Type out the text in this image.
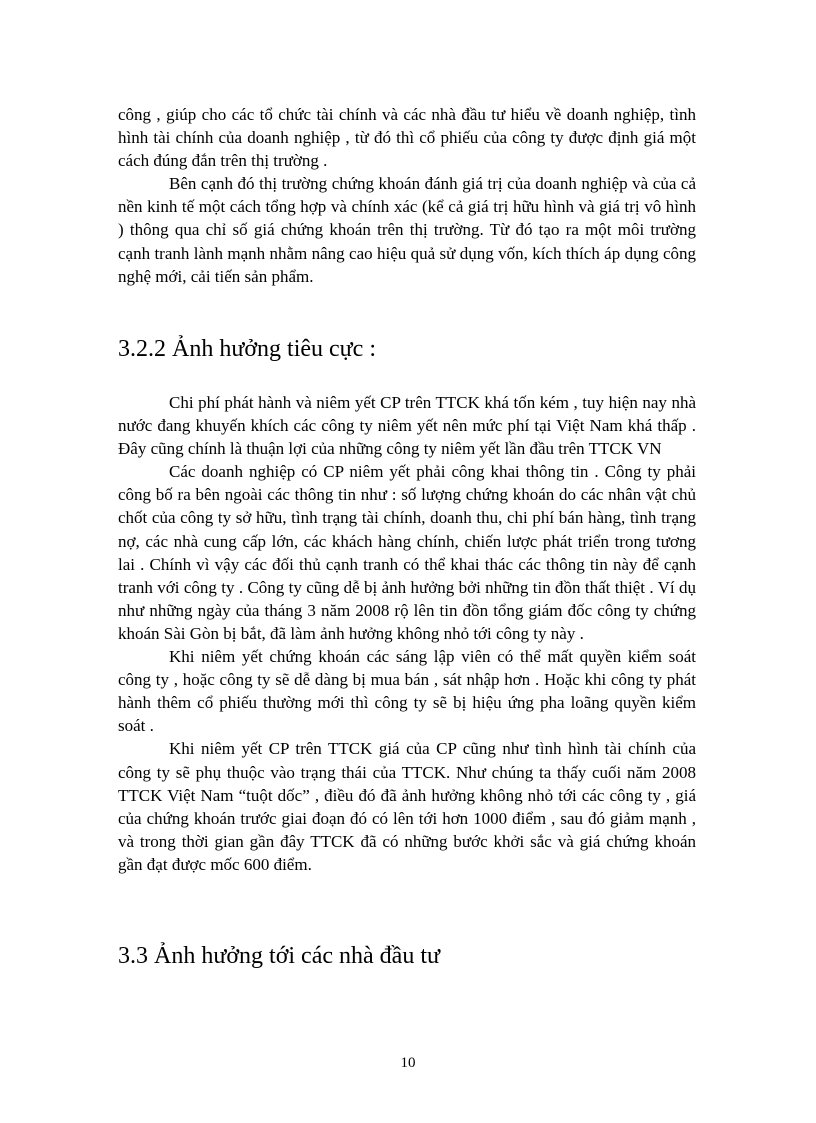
công , giúp cho các tổ chức tài chính và các nhà đầu tư hiểu về doanh nghiệp, tình hình tài chính của doanh nghiệp , từ đó thì cổ phiếu của công ty được định giá một cách đúng đắn trên thị trường .

Bên cạnh đó thị trường chứng khoán đánh giá trị của doanh nghiệp và của cả nền kinh tế một cách tổng hợp và chính xác (kể cả giá trị hữu hình và giá trị vô hình ) thông qua chỉ số giá chứng khoán trên thị trường. Từ đó tạo ra một môi trường cạnh tranh lành mạnh nhằm nâng cao hiệu quả sử dụng vốn, kích thích áp dụng công nghệ mới, cải tiến sản phẩm.

3.2.2 Ảnh hưởng tiêu cực :

Chi phí phát hành và niêm yết CP trên TTCK khá tốn kém , tuy hiện nay nhà nước đang khuyến khích các công ty niêm yết nên mức phí tại Việt Nam khá thấp . Đây cũng chính là thuận lợi của những công ty niêm yết lần đầu trên TTCK VN

Các doanh nghiệp có CP niêm yết phải công khai thông tin . Công ty phải công bố ra bên ngoài các thông tin như : số lượng chứng khoán do các nhân vật chủ chốt của công ty sở hữu, tình trạng tài chính, doanh thu, chi phí bán hàng, tình trạng nợ, các nhà cung cấp lớn, các khách hàng chính, chiến lược phát triển trong tương lai . Chính vì vậy các đối thủ cạnh tranh có thể khai thác các thông tin này để cạnh tranh với công ty . Công ty cũng dễ bị ảnh hưởng bởi những tin đồn thất thiệt . Ví dụ như những ngày của tháng 3 năm 2008 rộ lên tin đồn tổng giám đốc công ty chứng khoán Sài Gòn bị bắt, đã làm ảnh hưởng không nhỏ tới công ty này .

Khi niêm yết chứng khoán các sáng lập viên có thể mất quyền kiểm soát công ty , hoặc công ty sẽ dễ dàng bị mua bán , sát nhập hơn . Hoặc khi công ty phát hành thêm cổ phiếu thường mới thì công ty sẽ bị hiệu ứng pha loãng quyền kiểm soát .

Khi niêm yết CP trên TTCK giá của CP cũng như tình hình tài chính của công ty sẽ phụ thuộc vào trạng thái của TTCK. Như chúng ta thấy cuối năm 2008 TTCK Việt Nam “tuột dốc” , điều đó đã ảnh hưởng không nhỏ tới các công ty , giá của chứng khoán trước giai đoạn đó có lên tới hơn 1000 điểm , sau đó giảm mạnh , và trong thời gian gần đây TTCK đã có những bước khởi sắc và giá chứng khoán gần đạt được mốc 600 điểm.

3.3 Ảnh hưởng tới các nhà đầu tư
10
